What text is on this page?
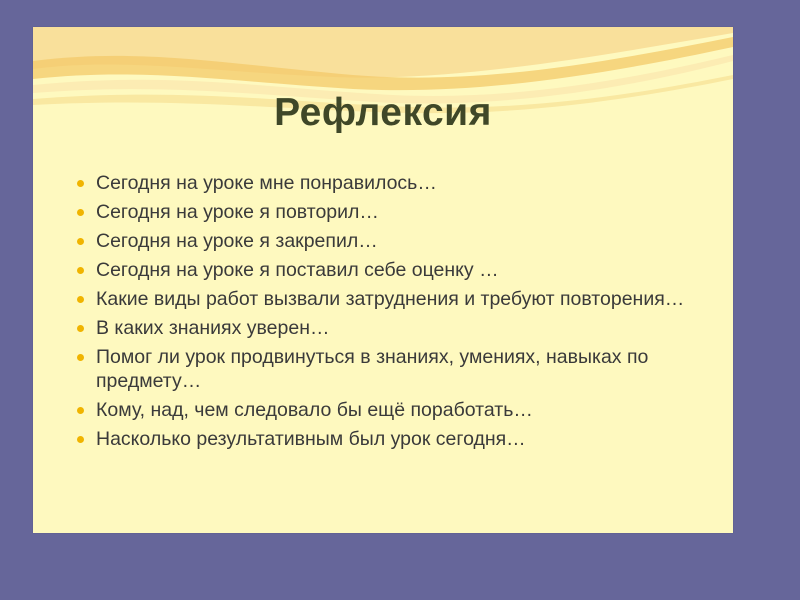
Рефлексия
Сегодня на уроке мне понравилось…
Сегодня на уроке я повторил…
Сегодня на уроке я закрепил…
Сегодня на уроке я поставил себе оценку …
Какие виды работ вызвали затруднения и требуют повторения…
В каких знаниях уверен…
Помог ли урок продвинуться в знаниях, умениях, навыках по предмету…
Кому, над, чем следовало бы ещё поработать…
Насколько результативным был урок сегодня…
